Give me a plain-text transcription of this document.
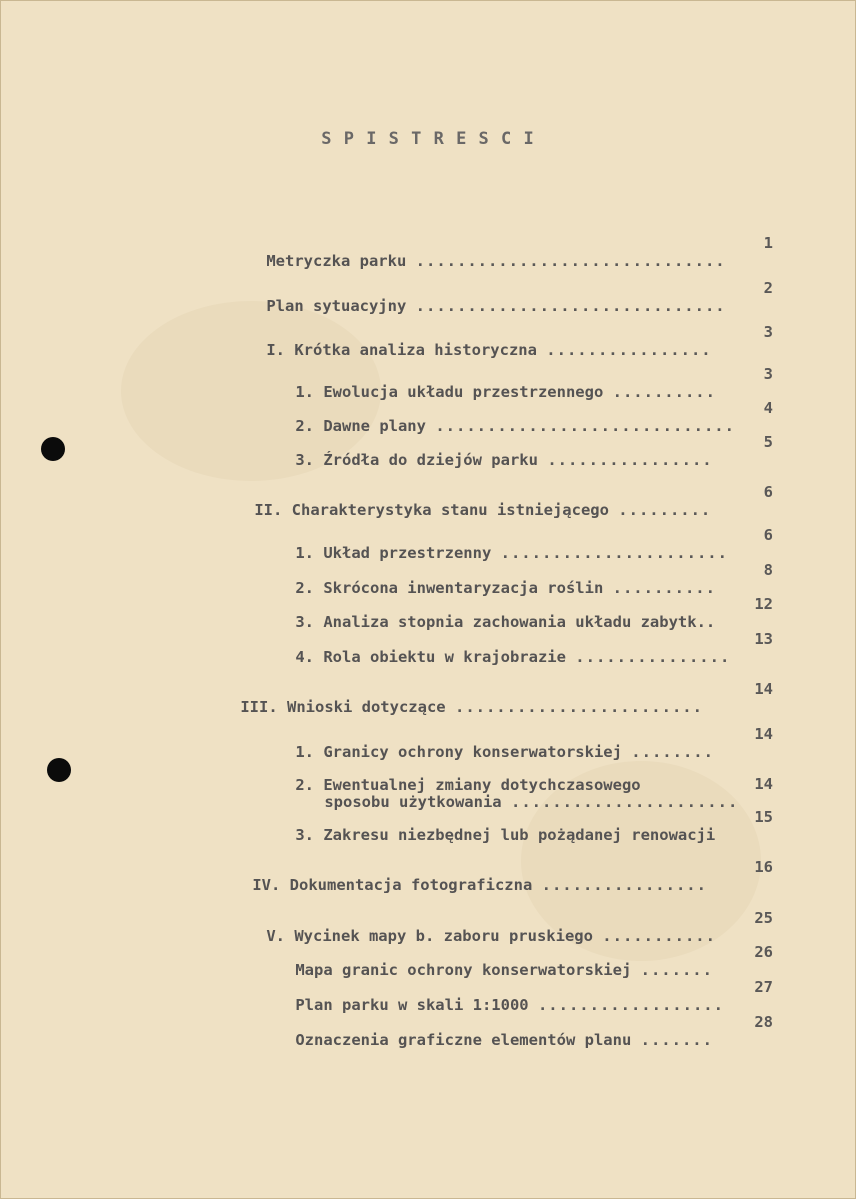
S P I S T R E S C I

Metryczka parku ..............................

1

Plan sytuacyjny ..............................

2

I. Krótka analiza historyczna ................

3

1. Ewolucja układu przestrzennego ..........

3

2. Dawne plany .............................

4

3. Źródła do dziejów parku ................

5

II. Charakterystyka stanu istniejącego .........

6

1. Układ przestrzenny ......................

6

2. Skrócona inwentaryzacja roślin ..........

8

3. Analiza stopnia zachowania układu zabytk..

12

4. Rola obiektu w krajobrazie ...............

13

III. Wnioski dotyczące ........................

14

1. Granicy ochrony konserwatorskiej ........

14

2. Ewentualnej zmiany dotychczasowego

sposobu użytkowania ......................

14

3. Zakresu niezbędnej lub pożądanej renowacji

15

IV. Dokumentacja fotograficzna ................

16

V. Wycinek mapy b. zaboru pruskiego ...........

25

Mapa granic ochrony konserwatorskiej .......

26

Plan parku w skali 1:1000 ..................

27

Oznaczenia graficzne elementów planu .......

28
